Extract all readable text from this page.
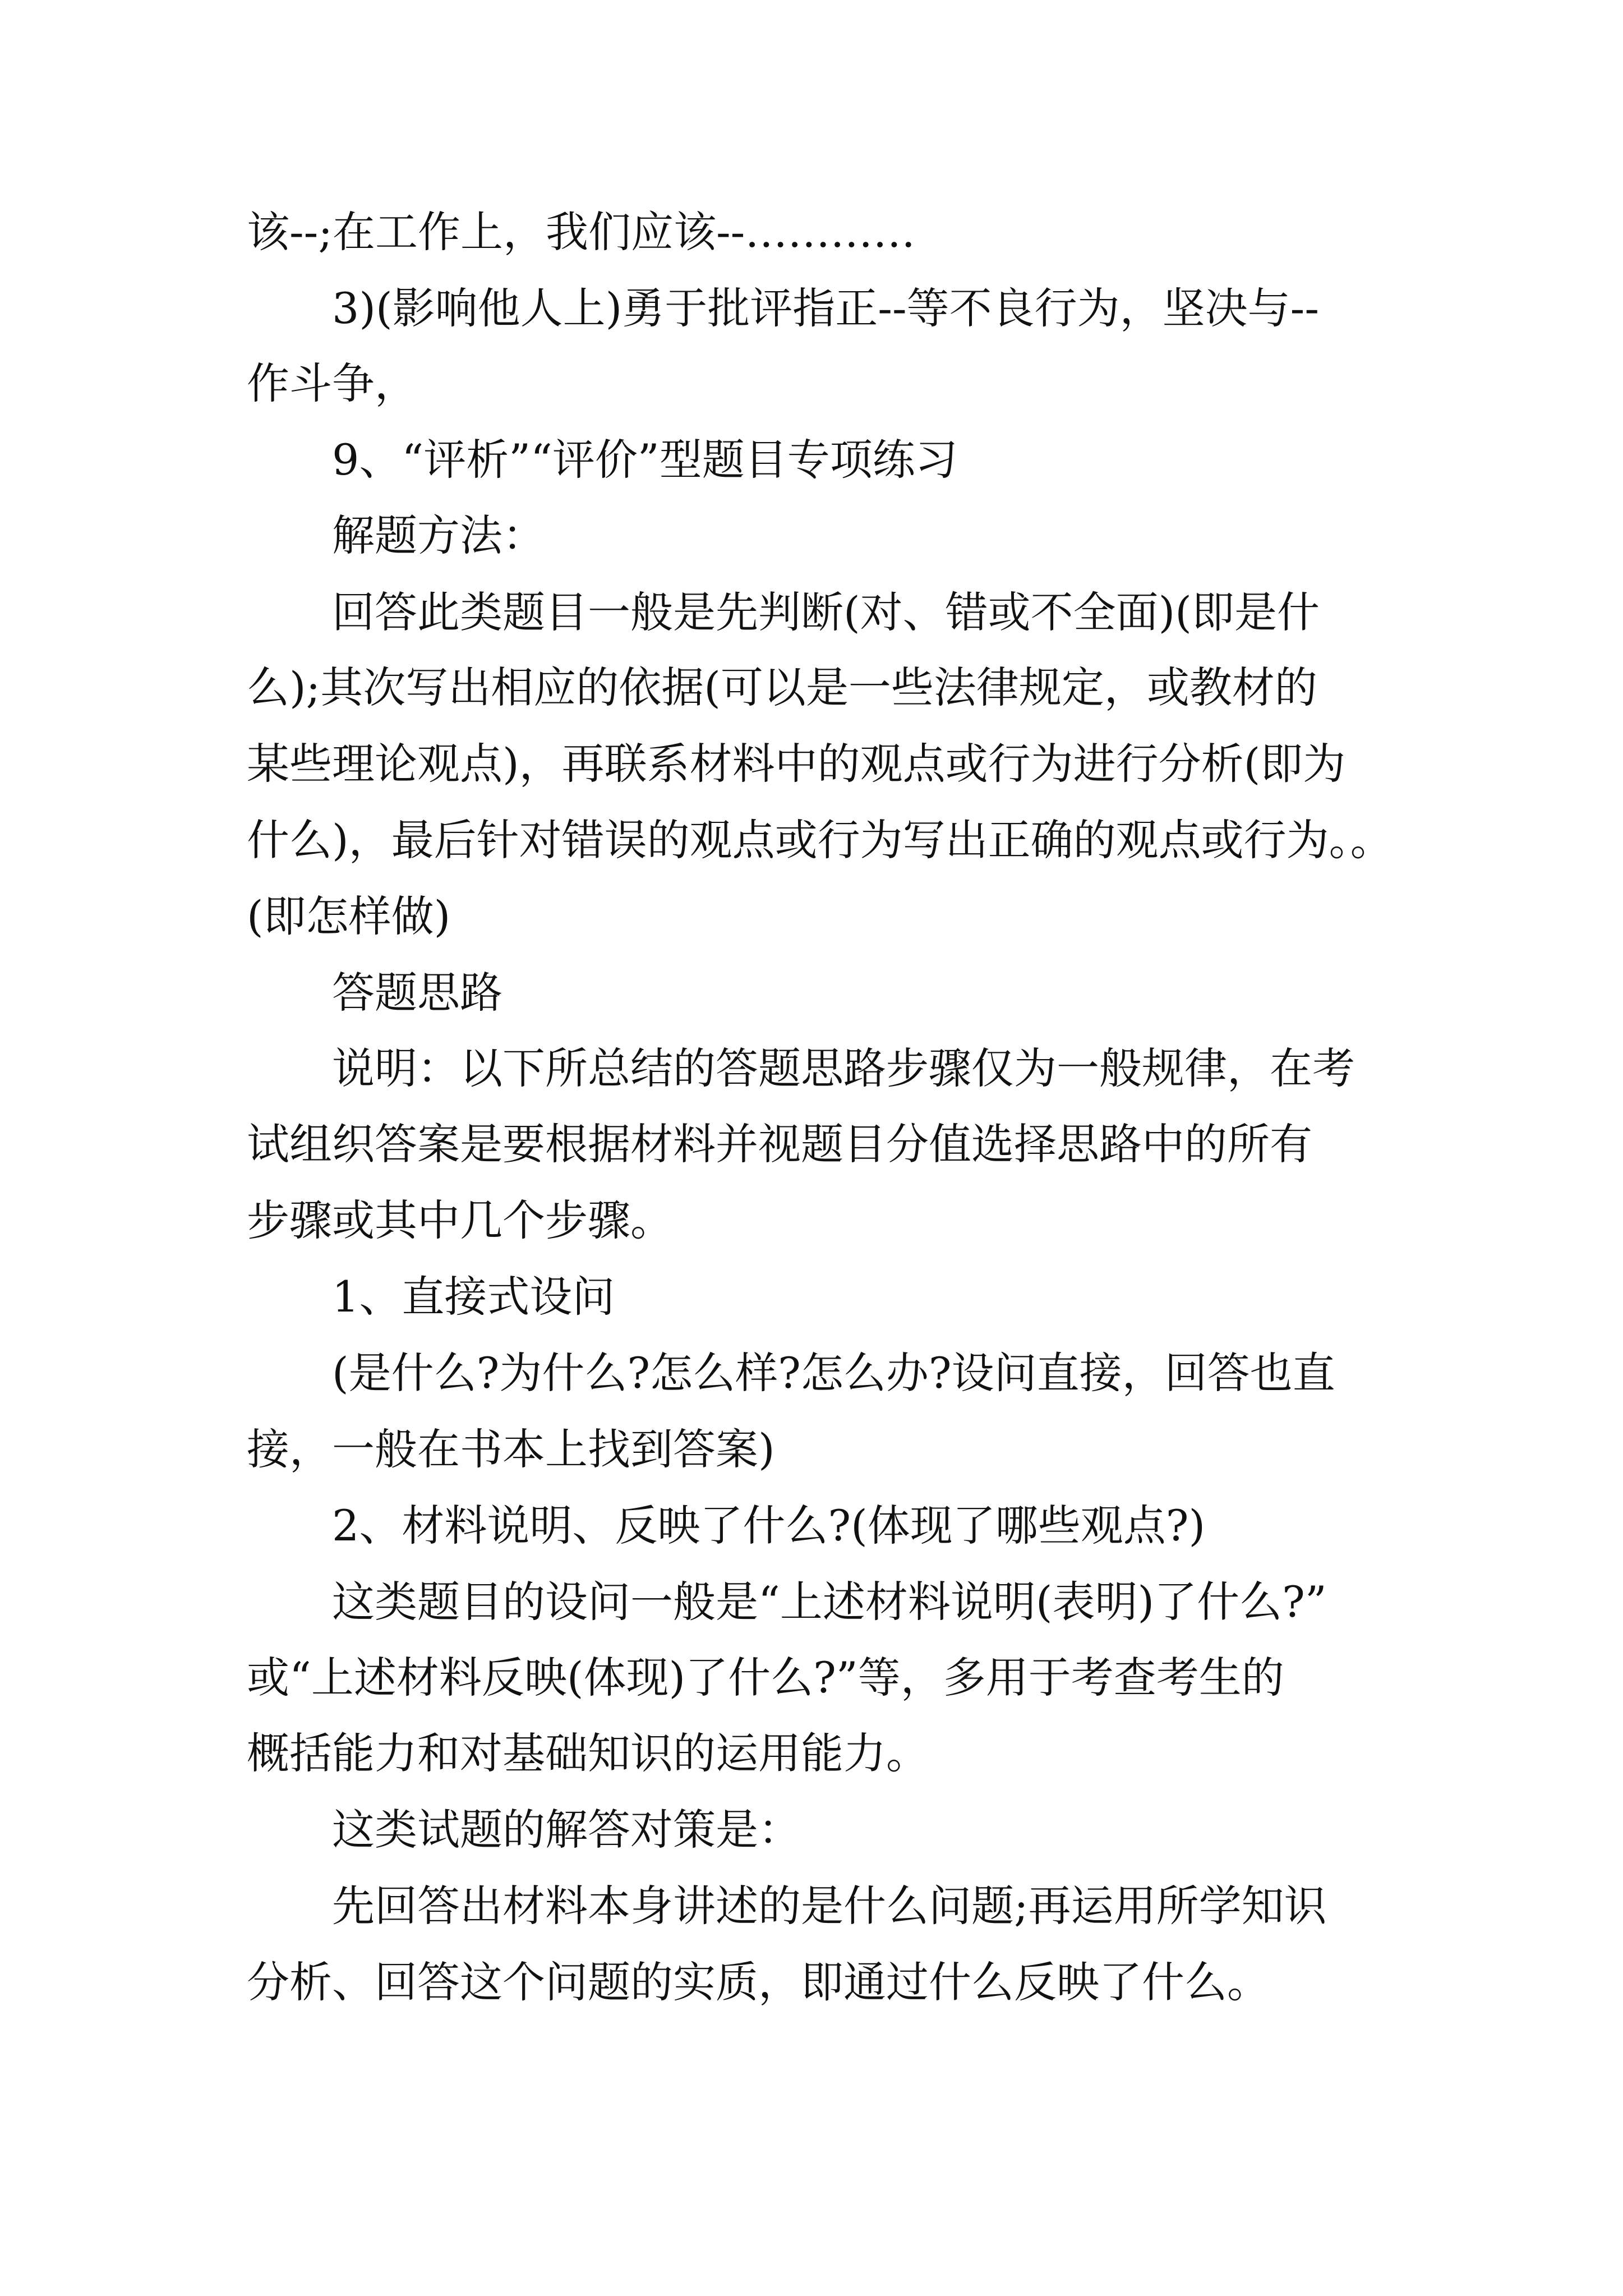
该--;在工作上，我们应该--…………

3)(影响他人上)勇于批评指正--等不良行为，坚决与--

作斗争，

9、“评析”“评价”型题目专项练习

解题方法：

回答此类题目一般是先判断(对、错或不全面)(即是什

么);其次写出相应的依据(可以是一些法律规定，或教材的

某些理论观点)，再联系材料中的观点或行为进行分析(即为

什么)，最后针对错误的观点或行为写出正确的观点或行为。。

(即怎样做)

答题思路

说明：以下所总结的答题思路步骤仅为一般规律，在考

试组织答案是要根据材料并视题目分值选择思路中的所有

步骤或其中几个步骤。

1、直接式设问

(是什么?为什么?怎么样?怎么办?设问直接，回答也直

接，一般在书本上找到答案)

2、材料说明、反映了什么?(体现了哪些观点?)

这类题目的设问一般是“上述材料说明(表明)了什么?”

或“上述材料反映(体现)了什么?”等，多用于考查考生的

概括能力和对基础知识的运用能力。

这类试题的解答对策是：

先回答出材料本身讲述的是什么问题;再运用所学知识

分析、回答这个问题的实质，即通过什么反映了什么。
